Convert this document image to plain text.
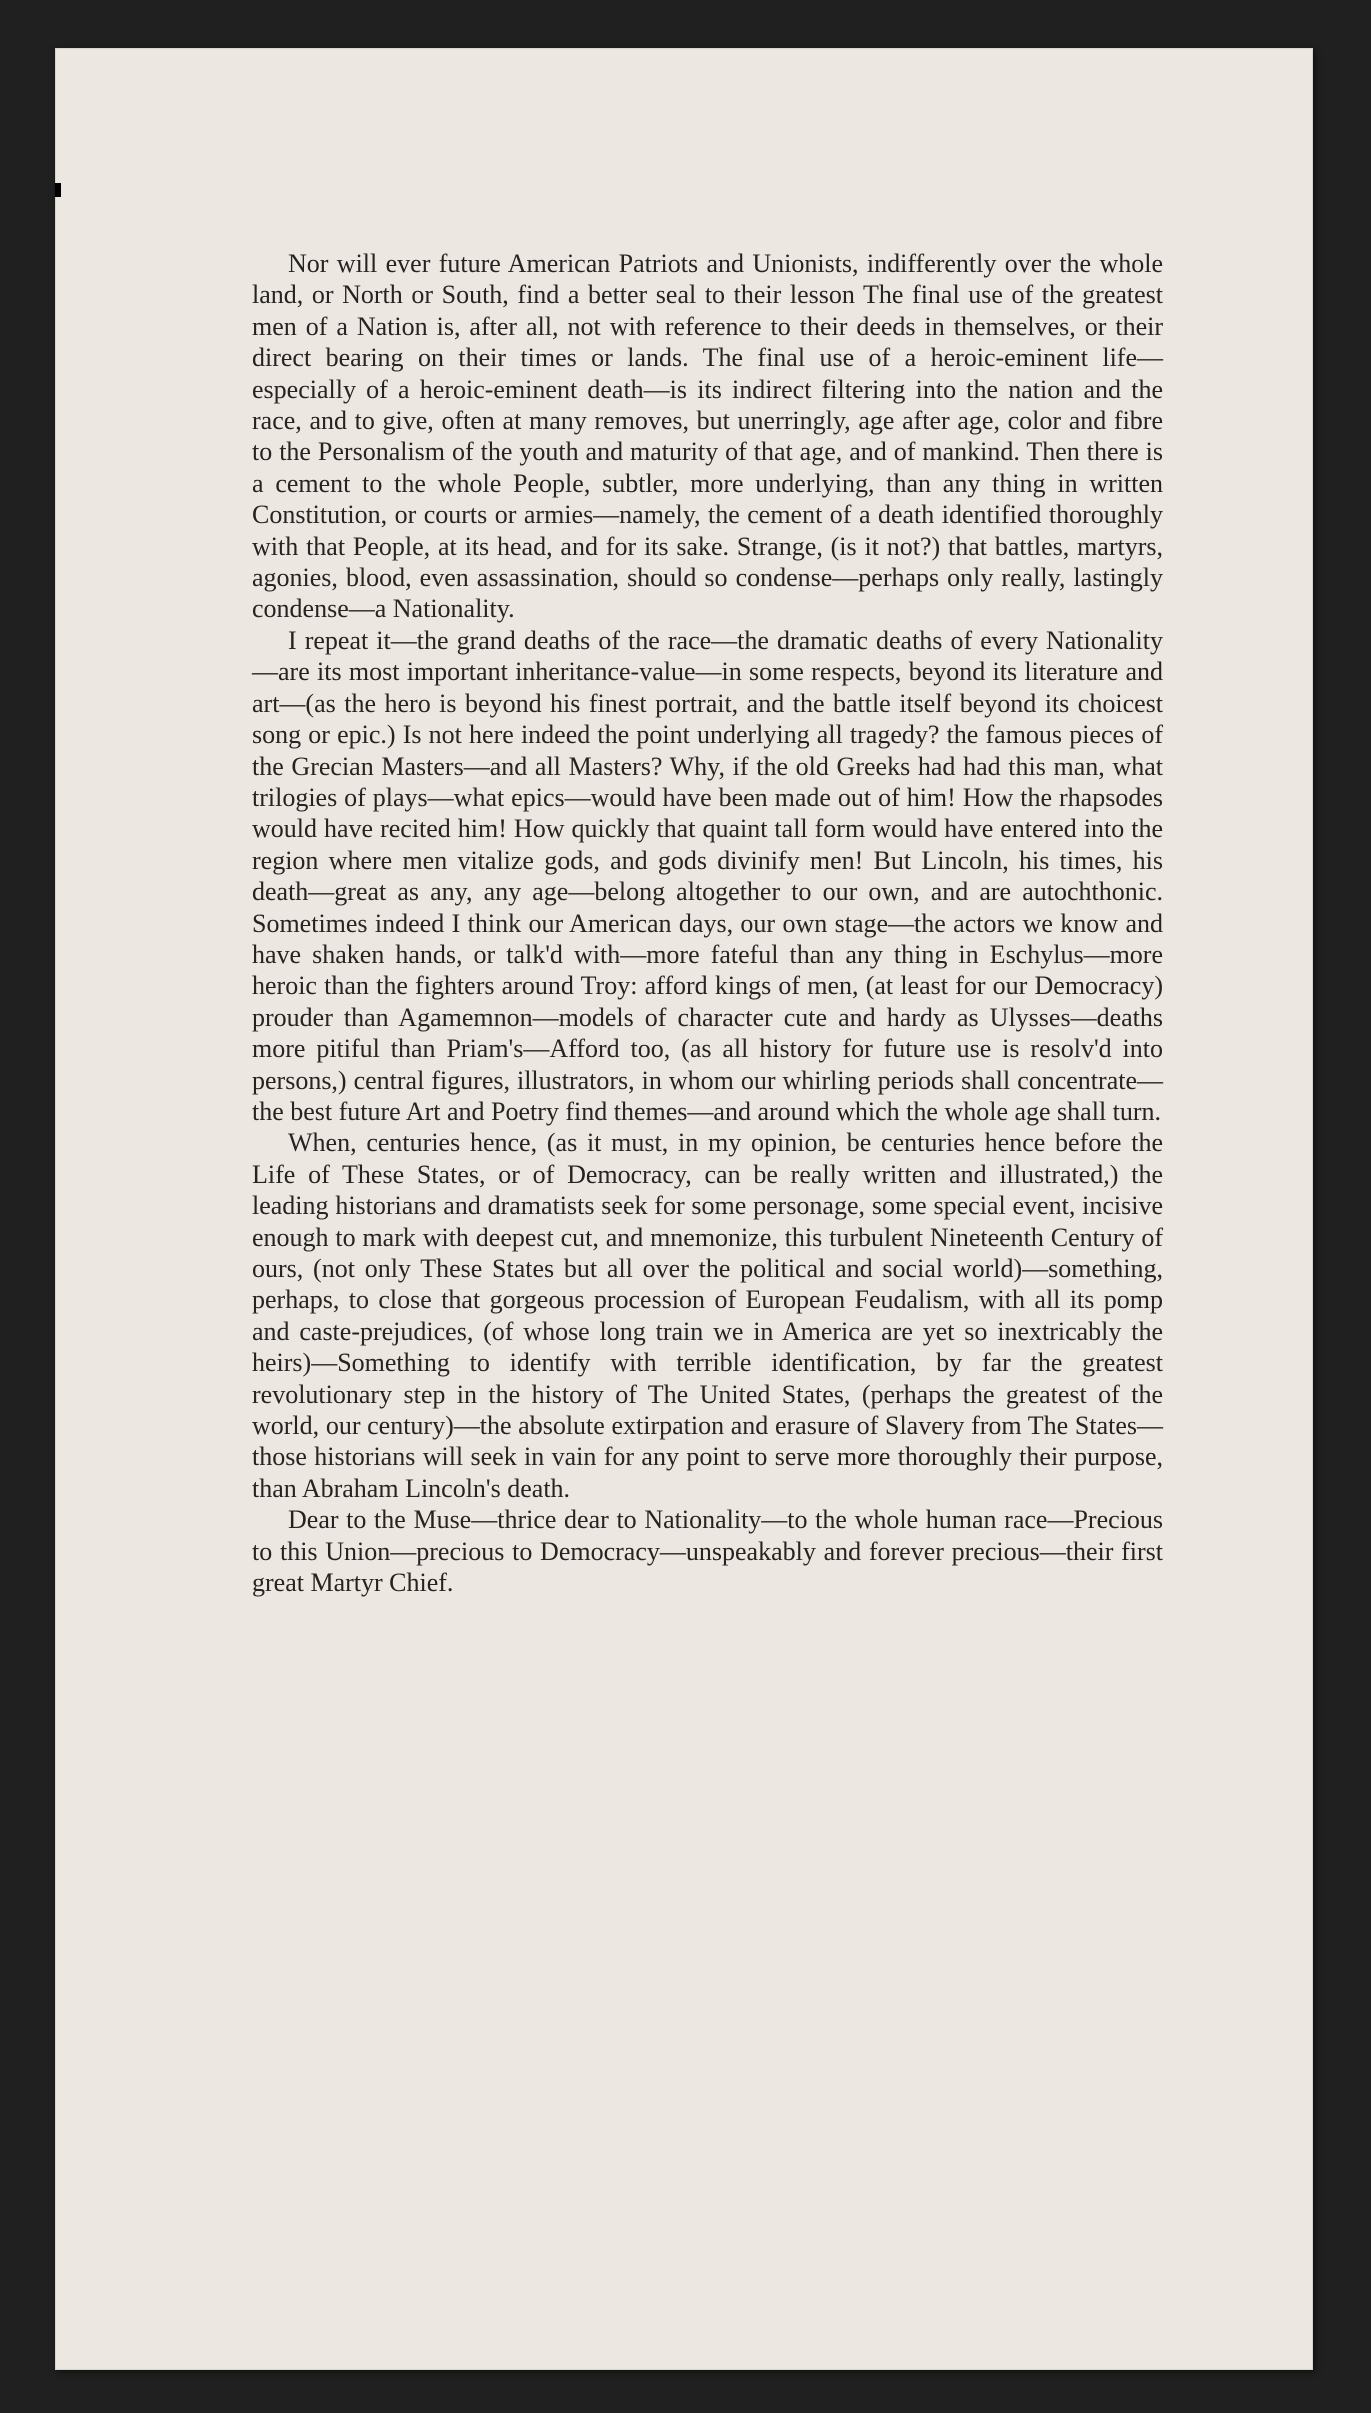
Nor will ever future American Patriots and Unionists, indifferently over the whole land, or North or South, find a better seal to their lesson The final use of the greatest men of a Nation is, after all, not with reference to their deeds in themselves, or their direct bearing on their times or lands. The final use of a heroic-eminent life—especially of a heroic-eminent death—is its indirect filtering into the nation and the race, and to give, often at many removes, but unerringly, age after age, color and fibre to the Personalism of the youth and maturity of that age, and of mankind. Then there is a cement to the whole People, subtler, more underlying, than any thing in written Constitution, or courts or armies—namely, the cement of a death identified thoroughly with that People, at its head, and for its sake. Strange, (is it not?) that battles, martyrs, agonies, blood, even assassination, should so condense—perhaps only really, lastingly condense—a Nationality.

I repeat it—the grand deaths of the race—the dramatic deaths of every Nationality—are its most important inheritance-value—in some respects, beyond its literature and art—(as the hero is beyond his finest portrait, and the battle itself beyond its choicest song or epic.) Is not here indeed the point underlying all tragedy? the famous pieces of the Grecian Masters—and all Masters? Why, if the old Greeks had had this man, what trilogies of plays—what epics—would have been made out of him! How the rhapsodes would have recited him! How quickly that quaint tall form would have entered into the region where men vitalize gods, and gods divinify men! But Lincoln, his times, his death—great as any, any age—belong altogether to our own, and are autochthonic. Sometimes indeed I think our American days, our own stage—the actors we know and have shaken hands, or talk'd with—more fateful than any thing in Eschylus—more heroic than the fighters around Troy: afford kings of men, (at least for our Democracy) prouder than Agamemnon—models of character cute and hardy as Ulysses—deaths more pitiful than Priam's—Afford too, (as all history for future use is resolv'd into persons,) central figures, illustrators, in whom our whirling periods shall concentrate—the best future Art and Poetry find themes—and around which the whole age shall turn.

When, centuries hence, (as it must, in my opinion, be centuries hence before the Life of These States, or of Democracy, can be really written and illustrated,) the leading historians and dramatists seek for some personage, some special event, incisive enough to mark with deepest cut, and mnemonize, this turbulent Nineteenth Century of ours, (not only These States but all over the political and social world)—something, perhaps, to close that gorgeous procession of European Feudalism, with all its pomp and caste-prejudices, (of whose long train we in America are yet so inextricably the heirs)—Something to identify with terrible identification, by far the greatest revolutionary step in the history of The United States, (perhaps the greatest of the world, our century)—the absolute extirpation and erasure of Slavery from The States—those historians will seek in vain for any point to serve more thoroughly their purpose, than Abraham Lincoln's death.

Dear to the Muse—thrice dear to Nationality—to the whole human race—Precious to this Union—precious to Democracy—unspeakably and forever precious—their first great Martyr Chief.
